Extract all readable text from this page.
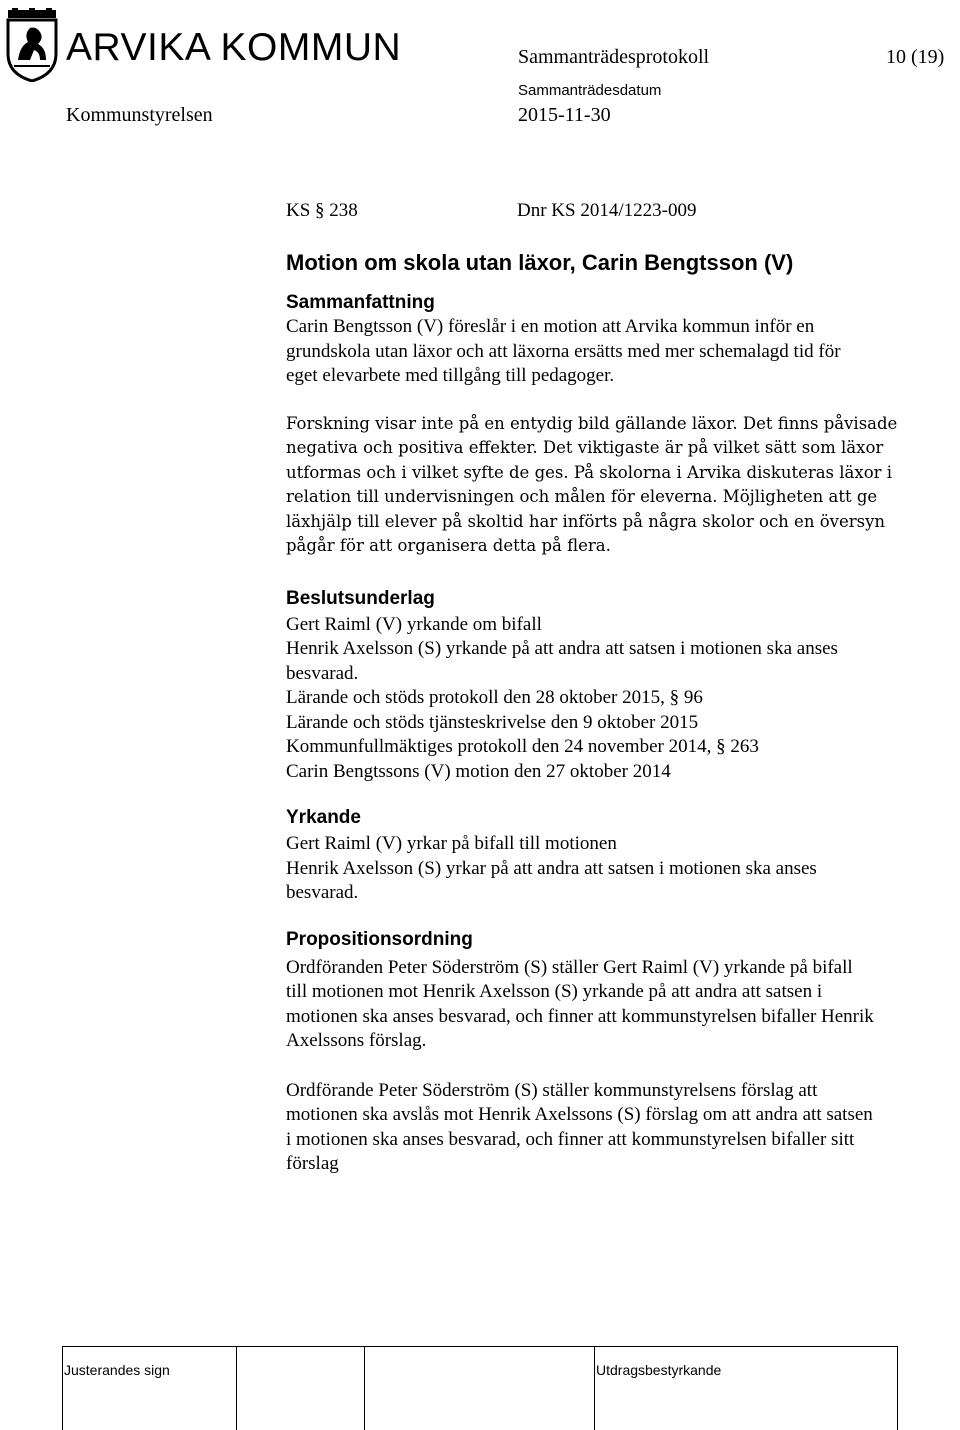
ARVIKA KOMMUN	Sammanträdesprotokoll	10 (19)
Sammanträdesdatum
Kommunstyrelsen	2015-11-30
KS § 238	Dnr KS 2014/1223-009
Motion om skola utan läxor, Carin Bengtsson (V)
Sammanfattning
Carin Bengtsson (V) föreslår i en motion att Arvika kommun inför en
grundskola utan läxor och att läxorna ersätts med mer schemalagd tid för
eget elevarbete med tillgång till pedagoger.
Forskning visar inte på en entydig bild gällande läxor. Det finns påvisade
negativa och positiva effekter. Det viktigaste är på vilket sätt som läxor
utformas och i vilket syfte de ges. På skolorna i Arvika diskuteras läxor i
relation till undervisningen och målen för eleverna. Möjligheten att ge
läxhjälp till elever på skoltid har införts på några skolor och en översyn
pågår för att organisera detta på flera.
Beslutsunderlag
Gert Raiml (V) yrkande om bifall
Henrik Axelsson (S) yrkande på att andra att satsen i motionen ska anses
besvarad.
Lärande och stöds protokoll den 28 oktober 2015, § 96
Lärande och stöds tjänsteskrivelse den 9 oktober 2015
Kommunfullmäktiges protokoll den 24 november 2014, § 263
Carin Bengtssons (V) motion den 27 oktober 2014
Yrkande
Gert Raiml (V) yrkar på bifall till motionen
Henrik Axelsson (S) yrkar på att andra att satsen i motionen ska anses
besvarad.
Propositionsordning
Ordföranden Peter Söderström (S) ställer Gert Raiml (V) yrkande på bifall
till motionen mot Henrik Axelsson (S) yrkande på att andra att satsen i
motionen ska anses besvarad, och finner att kommunstyrelsen bifaller Henrik
Axelssons förslag.
Ordförande Peter Söderström (S) ställer kommunstyrelsens förslag att
motionen ska avslås mot Henrik Axelssons (S) förslag om att andra att satsen
i motionen ska anses besvarad, och finner att kommunstyrelsen bifaller sitt
förslag
Justerandes sign	Utdragsbestyrkande
